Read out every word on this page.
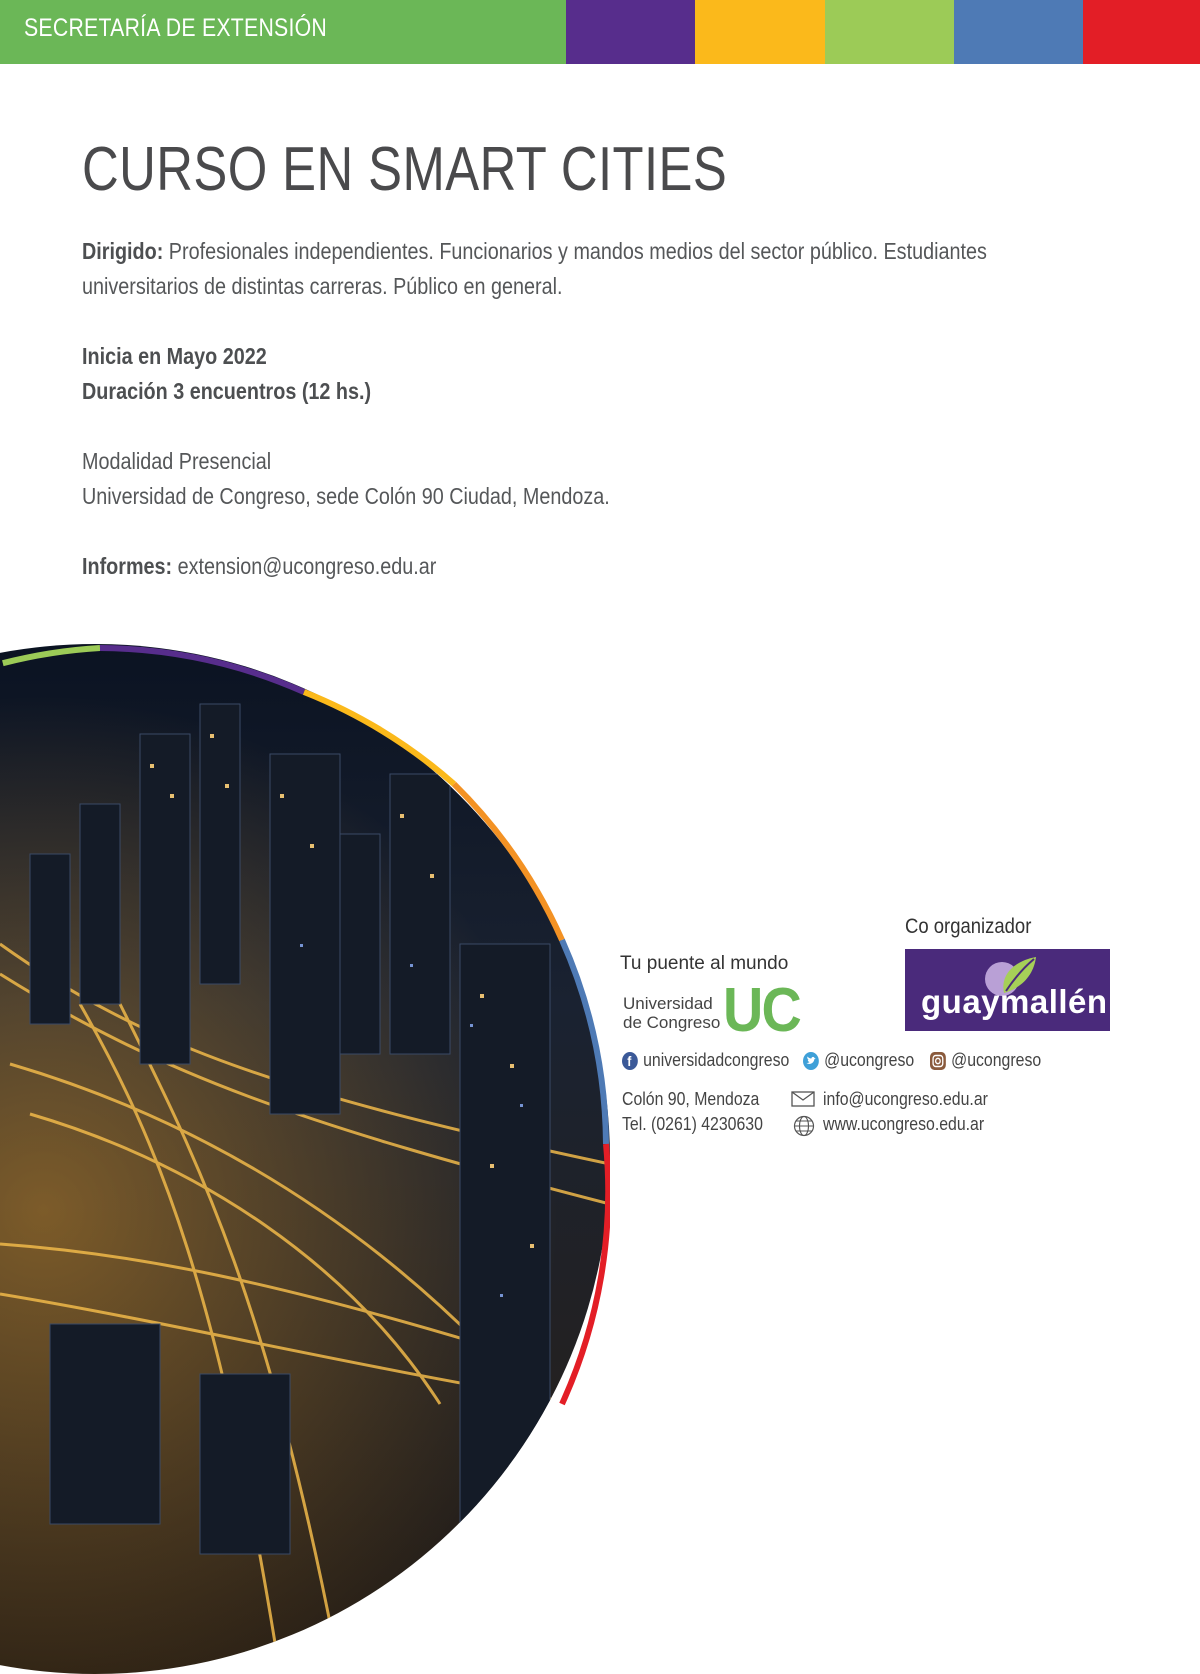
SECRETARÍA DE EXTENSIÓN
CURSO EN SMART CITIES
Dirigido: Profesionales independientes. Funcionarios y mandos medios del sector público. Estudiantes
universitarios de distintas carreras. Público en general.
Inicia en Mayo 2022
Duración 3 encuentros (12 hs.)
Modalidad Presencial
Universidad de Congreso, sede Colón 90 Ciudad, Mendoza.
Informes: extension@ucongreso.edu.ar
Co organizador
guaymallén
Tu puente al mundo
Universidad
de Congreso UC
f universidadcongreso @ucongreso @ucongreso
Colón 90, Mendoza
Tel. (0261) 4230630
info@ucongreso.edu.ar
www.ucongreso.edu.ar
